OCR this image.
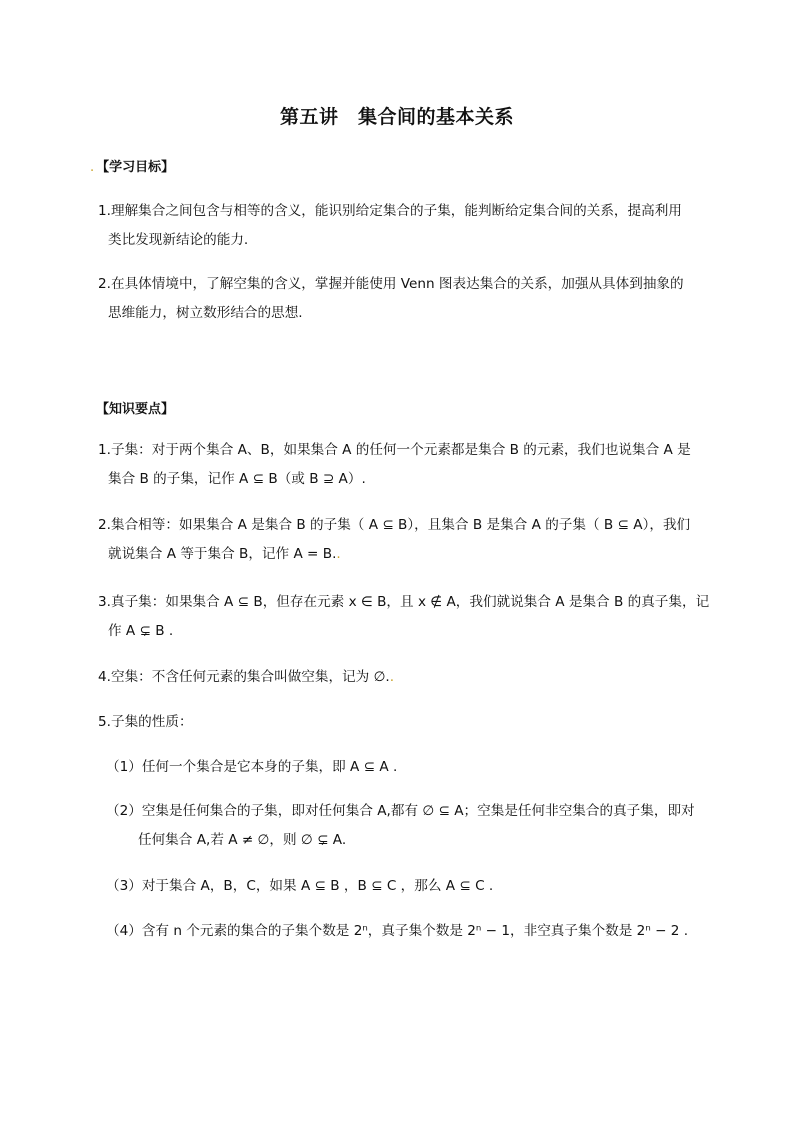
第五讲　集合间的基本关系
. 【学习目标】
1.理解集合之间包含与相等的含义，能识别给定集合的子集，能判断给定集合间的关系，提高利用
类比发现新结论的能力.
2.在具体情境中，了解空集的含义，掌握并能使用 Venn 图表达集合的关系，加强从具体到抽象的
思维能力，树立数形结合的思想.
【知识要点】
1.子集：对于两个集合 A、B，如果集合 A 的任何一个元素都是集合 B 的元素，我们也说集合 A 是
集合 B 的子集，记作 A ⊆ B（或 B ⊇ A）.
2.集合相等：如果集合 A 是集合 B 的子集（ A ⊆ B），且集合 B 是集合 A 的子集（ B ⊆ A），我们
就说集合 A 等于集合 B，记作 A = B..
3.真子集：如果集合 A ⊆ B，但存在元素 x ∈ B，且 x ∉ A，我们就说集合 A 是集合 B 的真子集，记
作 A ⊊ B .
4.空集：不含任何元素的集合叫做空集，记为 ∅..
5.子集的性质：
（1）任何一个集合是它本身的子集，即 A ⊆ A .
（2）空集是任何集合的子集，即对任何集合 A,都有 ∅ ⊆ A；空集是任何非空集合的真子集，即对
任何集合 A,若 A ≠ ∅，则 ∅ ⊊ A.
（3）对于集合 A，B，C，如果 A ⊆ B ，B ⊆ C ，那么 A ⊆ C .
（4）含有 n 个元素的集合的子集个数是 2ⁿ，真子集个数是 2ⁿ − 1，非空真子集个数是 2ⁿ − 2 .
